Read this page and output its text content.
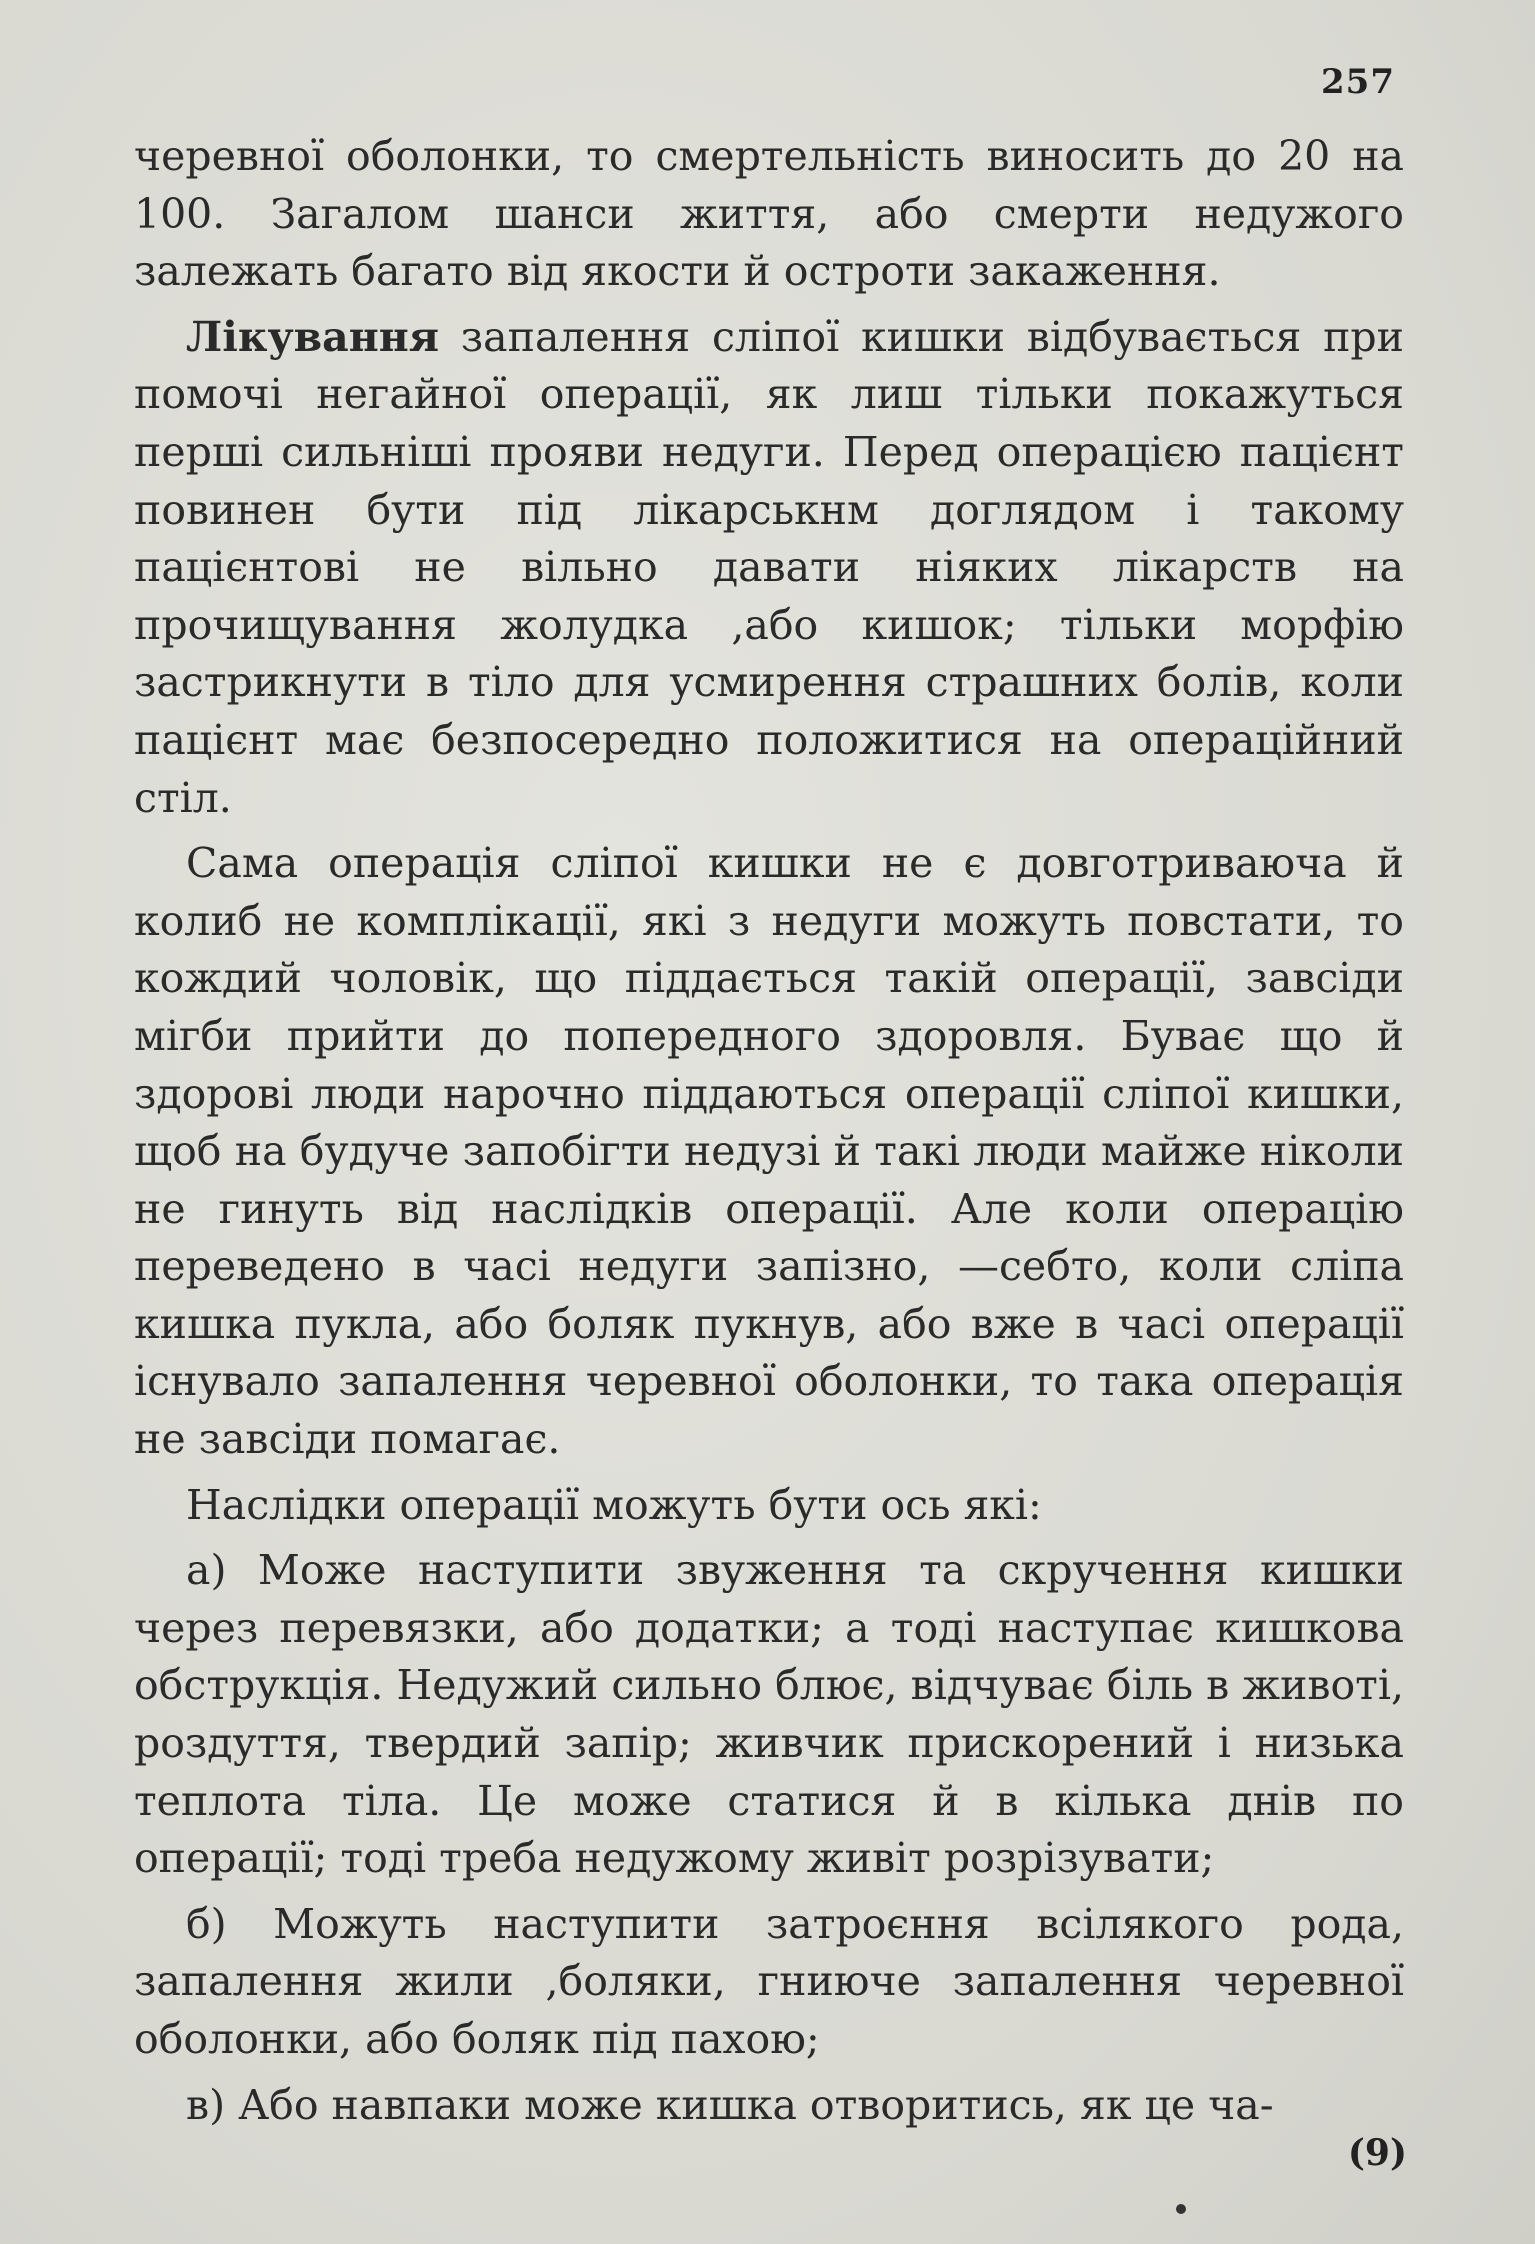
257

черевної оболонки, то смертельність виносить до 20 на 100. Загалом шанси життя, або смерти недужого залежать багато від якости й остроти закаження.

Лікування запалення сліпої кишки відбувається при помочі негайної операції, як лиш тільки покажуться перші сильніші прояви недуги. Перед операцією пацієнт повинен бути під лікарськнм доглядом і такому пацієнтові не вільно давати ніяких лікарств на прочищування жолудка ,або кишок; тільки морфію застрикнути в тіло для усмирення страшних болів, коли пацієнт має безпосередно положитися на операційний стіл.

Сама операція сліпої кишки не є довготриваюча й колиб не комплікації, які з недуги можуть повстати, то кождий чоловік, що піддається такій операції, завсіди мігби прийти до попередного здоровля. Буває що й здорові люди нарочно піддаються операції сліпої кишки, щоб на будуче запобігти недузі й такі люди майже ніколи не гинуть від наслідків операції. Але коли операцію переведено в часі недуги запізно, —себто, коли сліпа кишка пукла, або боляк пукнув, або вже в часі операції існувало запалення черевної оболонки, то така операція не завсіди помагає.

Наслідки операції можуть бути ось які:

а) Може наступити звуження та скручення кишки через перевязки, або додатки; а тоді наступає кишкова обструкція. Недужий сильно блює, відчуває біль в животі, роздуття, твердий запір; живчик прискорений і низька теплота тіла. Це може статися й в кілька днів по операції; тоді треба недужому живіт розрізувати;

б) Можуть наступити затроєння всілякого рода, запалення жили ,боляки, гниюче запалення черевної оболонки, або боляк під пахою;

в) Або навпаки може кишка отворитись, як це ча-

(9)
